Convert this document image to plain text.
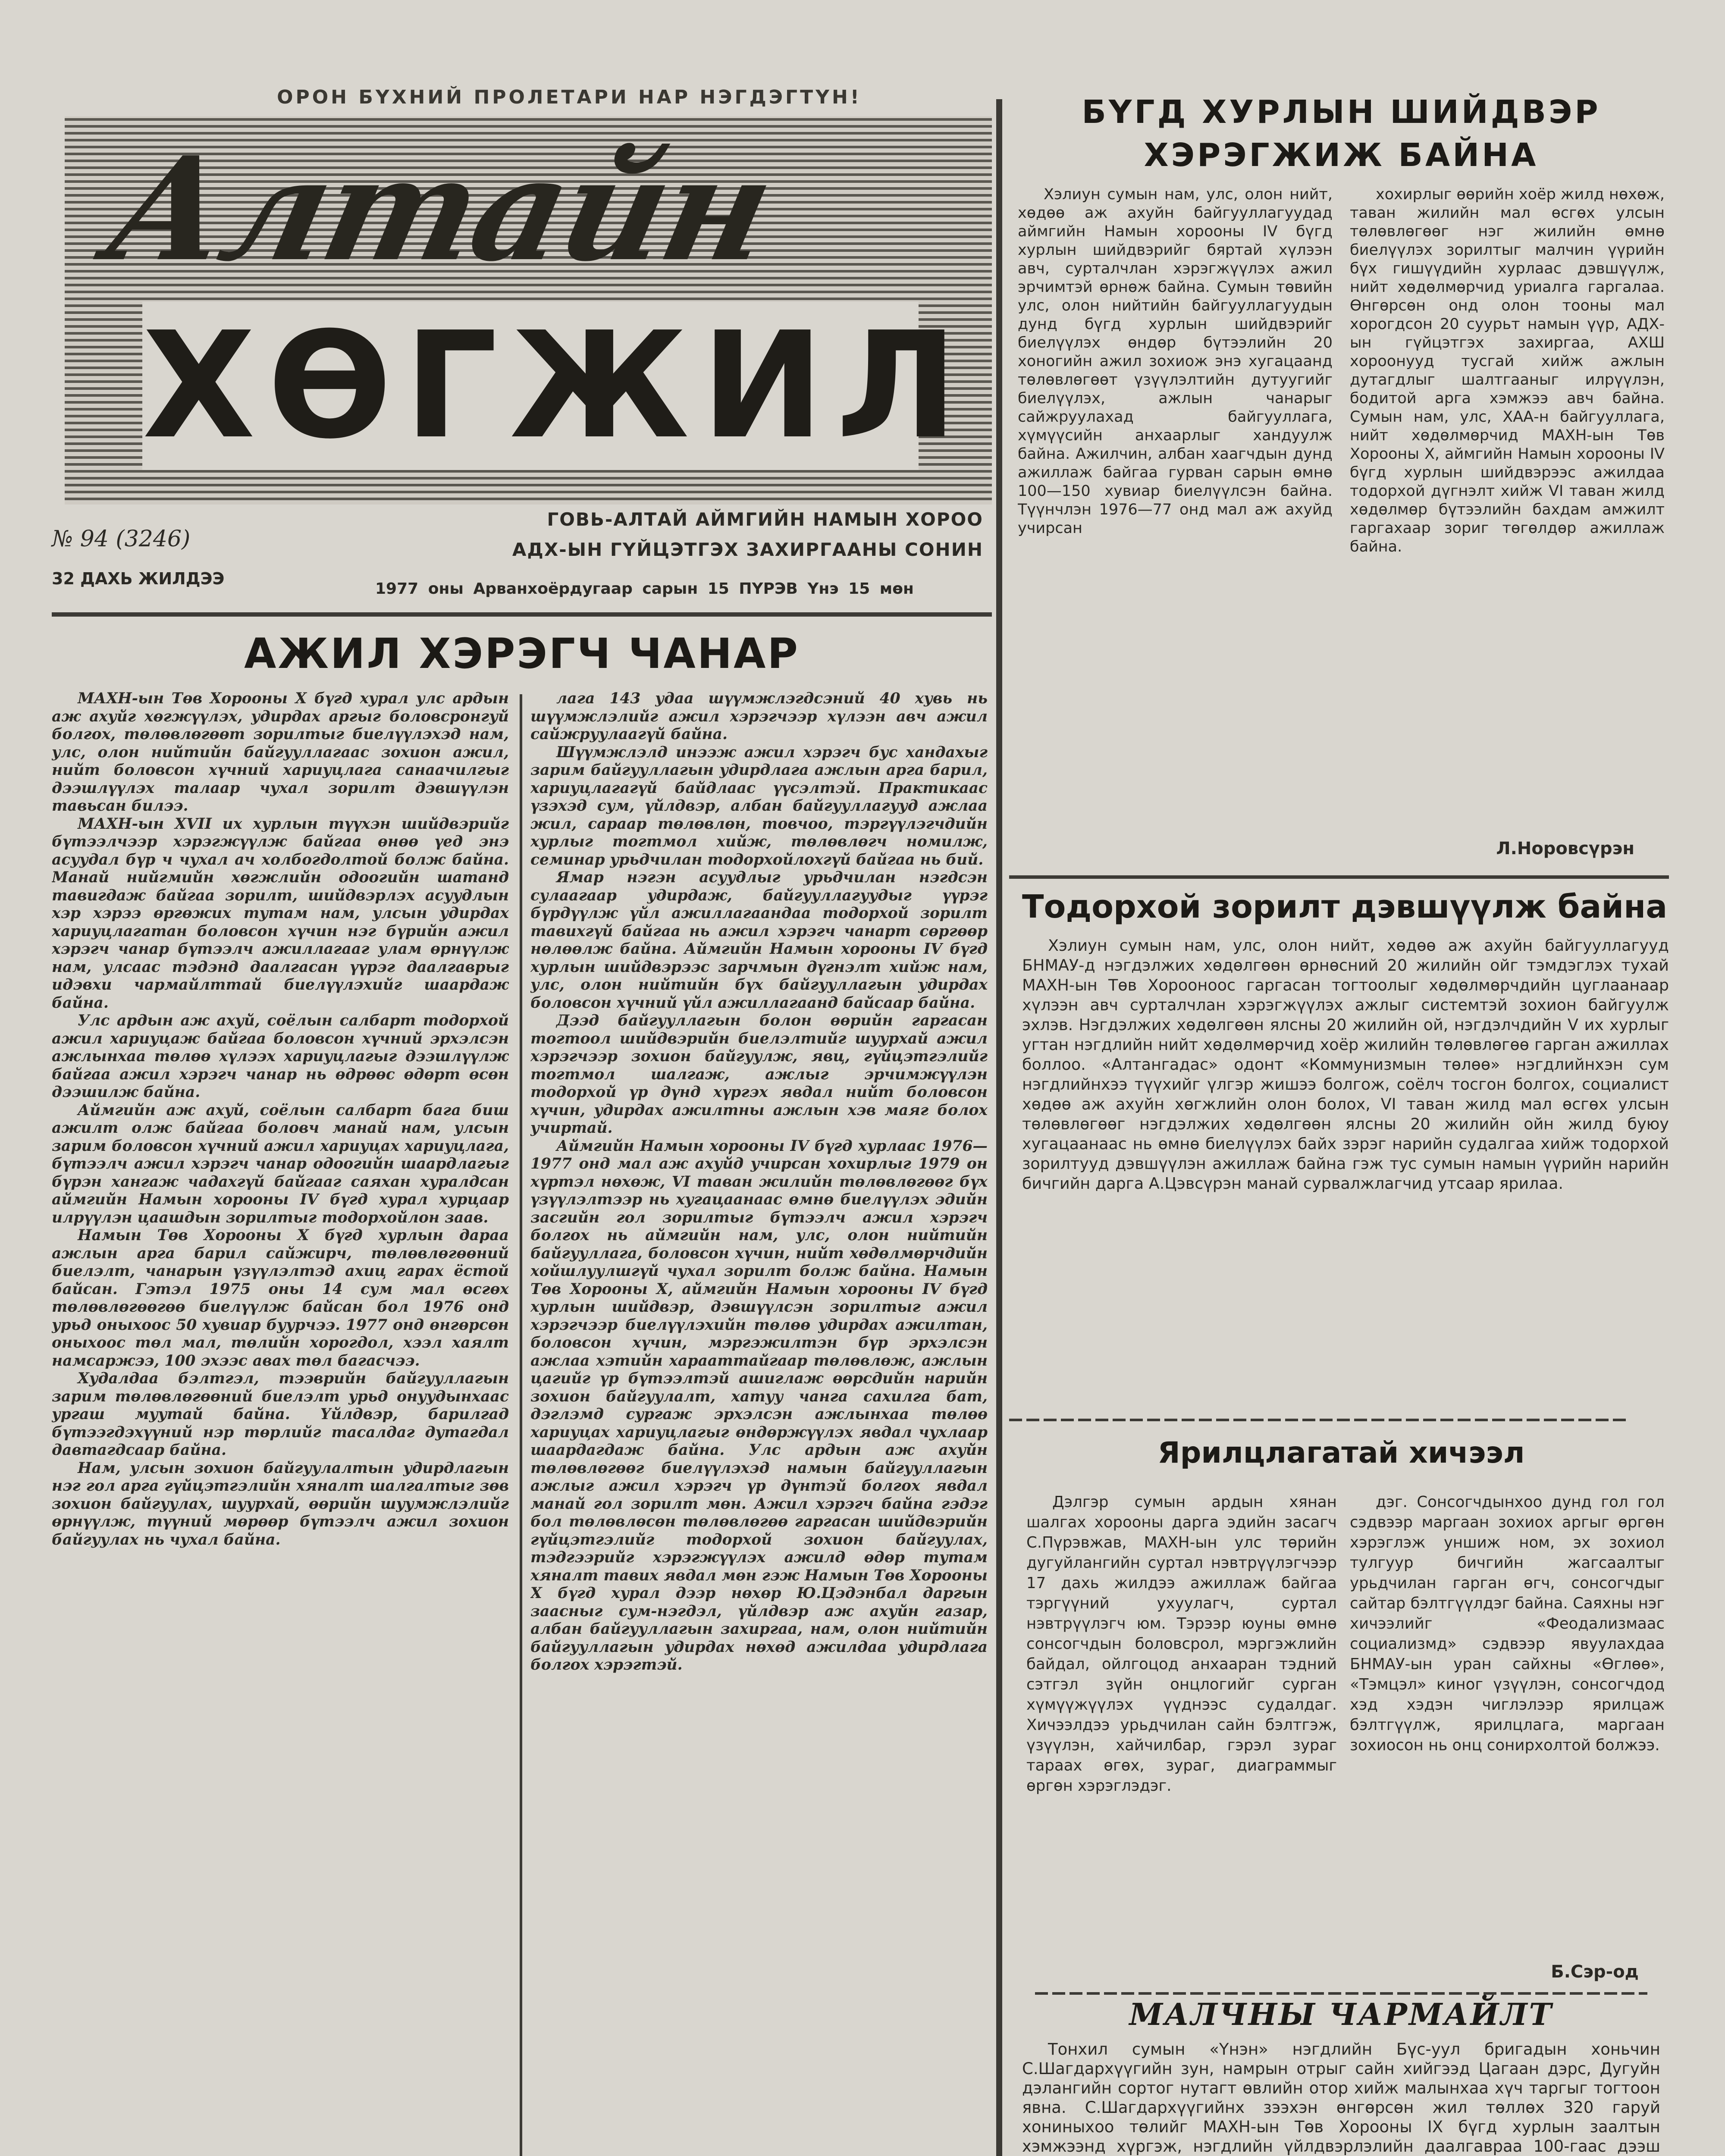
ОРОН БҮХНИЙ ПРОЛЕТАРИ НАР НЭГДЭГТҮН!
Алтайн
ХӨГЖИЛ
ГОВЬ-АЛТАЙ АЙМГИЙН НАМЫН ХОРОО
АДХ-ЫН ГҮЙЦЭТГЭХ ЗАХИРГААНЫ СОНИН
№ 94 (3246)
32 ДАХЬ ЖИЛДЭЭ
1977 оны Арванхоёрдугаар сарын 15 ПҮРЭВ Үнэ 15 мөн
АЖИЛ ХЭРЭГЧ ЧАНАР

МАХН-ын Төв Хорооны X бүгд хурал улс ардын аж ахуйг хөгжүүлэх, удирдах аргыг боловсронгуй болгох, төлөвлөгөөт зорилтыг биелүүлэхэд нам, улс, олон нийтийн байгууллагаас зохион ажил, нийт боловсон хүчний хариуцлага санаачилгыг дээшлүүлэх талаар чухал зорилт дэвшүүлэн тавьсан билээ.

МАХН-ын XVII их хурлын түүхэн шийдвэрийг бүтээлчээр хэрэгжүүлж байгаа өнөө үед энэ асуудал бүр ч чухал ач холбогдолтой болж байна. Манай нийгмийн хөгжлийн одоогийн шатанд тавигдаж байгаа зорилт, шийдвэрлэх асуудлын хэр хэрээ өргөжих тутам нам, улсын удирдах хариуцлагатан боловсон хүчин нэг бүрийн ажил хэрэгч чанар бүтээлч ажиллагааг улам өрнүүлж нам, улсаас тэдэнд даалгасан үүрэг даалгаврыг идэвхи чармайлттай биелүүлэхийг шаардаж байна.

Улс ардын аж ахуй, соёлын салбарт тодорхой ажил хариуцаж байгаа боловсон хүчний эрхэлсэн ажлынхаа төлөө хүлээх хариуцлагыг дээшлүүлж байгаа ажил хэрэгч чанар нь өдрөөс өдөрт өсөн дээшилж байна.

Аймгийн аж ахуй, соёлын салбарт бага биш ажилт олж байгаа боловч манай нам, улсын зарим боловсон хүчний ажил хариуцах хариуцлага, бүтээлч ажил хэрэгч чанар одоогийн шаардлагыг бүрэн хангаж чадахгүй байгааг саяхан хуралдсан аймгийн Намын хорооны IV бүгд хурал хурцаар илрүүлэн цаашдын зорилтыг тодорхойлон заав.

Намын Төв Хорооны X бүгд хурлын дараа ажлын арга барил сайжирч, төлөвлөгөөний биелэлт, чанарын үзүүлэлтэд ахиц гарах ёстой байсан. Гэтэл 1975 оны 14 сум мал өсгөх төлөвлөгөөгөө биелүүлж байсан бол 1976 онд урьд оныхоос 50 хувиар буурчээ. 1977 онд өнгөрсөн оныхоос төл мал, төлийн хорогдол, хээл хаялт намсаржээ, 100 эхээс авах төл багасчээ.

Худалдаа бэлтгэл, тээврийн байгууллагын зарим төлөвлөгөөний биелэлт урьд онуудынхаас ургаш муутай байна. Үйлдвэр, барилгад бүтээгдэхүүний нэр төрлийг тасалдаг дутагдал давтагдсаар байна.

Нам, улсын зохион байгуулалтын удирдлагын нэг гол арга гүйцэтгэлийн хяналт шалгалтыг зөв зохион байгуулах, шуурхай, өөрийн шуумжлэлийг өрнүүлж, түүний мөрөөр бүтээлч ажил зохион байгуулах нь чухал байна.

лага 143 удаа шүүмжлэгдсэний 40 хувь нь шүүмжлэлийг ажил хэрэгчээр хүлээн авч ажил сайжруулаагүй байна.

Шүүмжлэлд инээж ажил хэрэгч бус хандахыг зарим байгууллагын удирдлага ажлын арга барил, хариуцлагагүй байдлаас үүсэлтэй. Практикаас үзэхэд сум, үйлдвэр, албан байгууллагууд ажлаа жил, сараар төлөвлөн, товчоо, тэргүүлэгчдийн хурлыг тогтмол хийж, төлөвлөгч номилж, семинар урьдчилан тодорхойлохгүй байгаа нь бий.

Ямар нэгэн асуудлыг урьдчилан нэгдсэн сулаагаар удирдаж, байгууллагуудыг үүрэг бүрдүүлж үйл ажиллагаандаа тодорхой зорилт тавихгүй байгаа нь ажил хэрэгч чанарт сөргөөр нөлөөлж байна. Аймгийн Намын хорооны IV бүгд хурлын шийдвэрээс зарчмын дүгнэлт хийж нам, улс, олон нийтийн бүх байгууллагын удирдах боловсон хүчний үйл ажиллагаанд байсаар байна.

Дээд байгууллагын болон өөрийн гаргасан тогтоол шийдвэрийн биелэлтийг шуурхай ажил хэрэгчээр зохион байгуулж, явц, гүйцэтгэлийг тогтмол шалгаж, ажлыг эрчимжүүлэн тодорхой үр дүнд хүргэх явдал нийт боловсон хүчин, удирдах ажилтны ажлын хэв маяг болох учиртай.

Аймгийн Намын хорооны IV бүгд хурлаас 1976—1977 онд мал аж ахуйд учирсан хохирлыг 1979 он хүртэл нөхөж, VI таван жилийн төлөвлөгөөг бүх үзүүлэлтээр нь хугацаанаас өмнө биелүүлэх эдийн засгийн гол зорилтыг бүтээлч ажил хэрэгч болгох нь аймгийн нам, улс, олон нийтийн байгууллага, боловсон хүчин, нийт хөдөлмөрчдийн хойшлуулшгүй чухал зорилт болж байна. Намын Төв Хорооны X, аймгийн Намын хорооны IV бүгд хурлын шийдвэр, дэвшүүлсэн зорилтыг ажил хэрэгчээр биелүүлэхийн төлөө удирдах ажилтан, боловсон хүчин, мэргэжилтэн бүр эрхэлсэн ажлаа хэтийн харааттайгаар төлөвлөж, ажлын цагийг үр бүтээлтэй ашиглаж өөрсдийн нарийн зохион байгуулалт, хатуу чанга сахилга бат, дэглэмд сургаж эрхэлсэн ажлынхаа төлөө хариуцах хариуцлагыг өндөржүүлэх явдал чухлаар шаардагдаж байна. Улс ардын аж ахуйн төлөвлөгөөг биелүүлэхэд намын байгууллагын ажлыг ажил хэрэгч үр дүнтэй болгох явдал манай гол зорилт мөн. Ажил хэрэгч байна гэдэг бол төлөвлөсөн төлөвлөгөө гаргасан шийдвэрийн гүйцэтгэлийг тодорхой зохион байгуулах, тэдгээрийг хэрэгжүүлэх ажилд өдөр тутам хяналт тавих явдал мөн гэж Намын Төв Хорооны X бүгд хурал дээр нөхөр Ю.Цэдэнбал даргын заасныг сум-нэгдэл, үйлдвэр аж ахуйн газар, албан байгууллагын захиргаа, нам, олон нийтийн байгууллагын удирдах нөхөд ажилдаа удирдлага болгох хэрэгтэй.

БҮГД ХУРЛЫН ШИЙДВЭР
ХЭРЭГЖИЖ БАЙНА

Хэлиун сумын нам, улс, олон нийт, хөдөө аж ахуйн байгууллагуудад аймгийн Намын хорооны IV бүгд хурлын шийдвэрийг бяртай хүлээн авч, сурталчлан хэрэгжүүлэх ажил эрчимтэй өрнөж байна. Сумын төвийн улс, олон нийтийн байгууллагуудын дунд бүгд хурлын шийдвэрийг биелүүлэх өндөр бүтээлийн 20 хоногийн ажил зохиож энэ хугацаанд төлөвлөгөөт үзүүлэлтийн дутуугийг биелүүлэх, ажлын чанарыг сайжруулахад байгууллага, хүмүүсийн анхаарлыг хандуулж байна. Ажилчин, албан хаагчдын дунд ажиллаж байгаа гурван сарын өмнө 100—150 хувиар биелүүлсэн байна. Түүнчлэн 1976—77 онд мал аж ахуйд учирсан

хохирлыг өөрийн хоёр жилд нөхөж, таван жилийн мал өсгөх улсын төлөвлөгөөг нэг жилийн өмнө биелүүлэх зорилтыг малчин үүрийн бүх гишүүдийн хурлаас дэвшүүлж, нийт хөдөлмөрчид уриалга гаргалаа. Өнгөрсөн онд олон тооны мал хорогдсон 20 суурьт намын үүр, АДХ-ын гүйцэтгэх захиргаа, АХШ хороонууд тусгай хийж ажлын дутагдлыг шалтгааныг илрүүлэн, бодитой арга хэмжээ авч байна. Сумын нам, улс, ХАА-н байгууллага, нийт хөдөлмөрчид МАХН-ын Төв Хорооны X, аймгийн Намын хорооны IV бүгд хурлын шийдвэрээс ажилдаа тодорхой дүгнэлт хийж VI таван жилд хөдөлмөр бүтээлийн бахдам амжилт гаргахаар зориг төгөлдөр ажиллаж байна.

Л.Норовсүрэн
Тодорхой зорилт дэвшүүлж байна

Хэлиун сумын нам, улс, олон нийт, хөдөө аж ахуйн байгууллагууд БНМАУ-д нэгдэлжих хөдөлгөөн өрнөсний 20 жилийн ойг тэмдэглэх тухай МАХН-ын Төв Хорооноос гаргасан тогтоолыг хөдөлмөрчдийн цуглаанаар хүлээн авч сурталчлан хэрэгжүүлэх ажлыг системтэй зохион байгуулж эхлэв. Нэгдэлжих хөдөлгөөн ялсны 20 жилийн ой, нэгдэлчдийн V их хурлыг угтан нэгдлийн нийт хөдөлмөрчид хоёр жилийн төлөвлөгөө гарган ажиллах боллоо. «Алтангадас» одонт «Коммунизмын төлөө» нэгдлийнхэн сум нэгдлийнхээ түүхийг үлгэр жишээ болгож, соёлч тосгон болгох, социалист хөдөө аж ахуйн хөгжлийн олон болох, VI таван жилд мал өсгөх улсын төлөвлөгөөг нэгдэлжих хөдөлгөөн ялсны 20 жилийн ойн жилд буюу хугацаанаас нь өмнө биелүүлэх байх зэрэг нарийн судалгаа хийж тодорхой зорилтууд дэвшүүлэн ажиллаж байна гэж тус сумын намын үүрийн нарийн бичгийн дарга А.Цэвсүрэн манай сурвалжлагчид утсаар ярилаа.

Ярилцлагатай хичээл

Дэлгэр сумын ардын хянан шалгах хорооны дарга эдийн засагч С.Пүрэвжав, МАХН-ын улс төрийн дугуйлангийн суртал нэвтрүүлэгчээр 17 дахь жилдээ ажиллаж байгаа тэргүүний ухуулагч, суртал нэвтрүүлэгч юм. Тэрээр юуны өмнө сонсогчдын боловсрол, мэргэжлийн байдал, ойлгоцод анхааран тэдний сэтгэл зүйн онцлогийг сурган хүмүүжүүлэх үүднээс судалдаг. Хичээлдээ урьдчилан сайн бэлтгэж, үзүүлэн, хайчилбар, гэрэл зураг тараах өгөх, зураг, диаграммыг өргөн хэрэглэдэг.

дэг. Сонсогчдынхоо дунд гол гол сэдвээр маргаан зохиох аргыг өргөн хэрэглэж уншиж ном, эх зохиол тулгуур бичгийн жагсаалтыг урьдчилан гарган өгч, сонсогчдыг сайтар бэлтгүүлдэг байна. Саяхны нэг хичээлийг «Феодализмаас социализмд» сэдвээр явуулахдаа БНМАУ-ын уран сайхны «Өглөө», «Тэмцэл» киног үзүүлэн, сонсогчдод хэд хэдэн чиглэлээр ярилцаж бэлтгүүлж, ярилцлага, маргаан зохиосон нь онц сонирхолтой болжээ.

Б.Сэр-од
МАЛЧНЫ ЧАРМАЙЛТ

Тонхил сумын «Үнэн» нэгдлийн Бүс-уул бригадын хоньчин С.Шагдархүүгийн зун, намрын отрыг сайн хийгээд Цагаан дэрс, Дугуйн дэлангийн сортог нутагт өвлийн отор хийж малынхаа хүч таргыг тогтоон явна. С.Шагдархүүгийнх зээхэн өнгөрсөн жил төллөх 320 гаруй хониныхоо төлийг МАХН-ын Төв Хорооны IX бүгд хурлын заалтын хэмжээнд хүргэж, нэгдлийн үйлдвэрлэлийн даалгавраа 100-гаас дээш
